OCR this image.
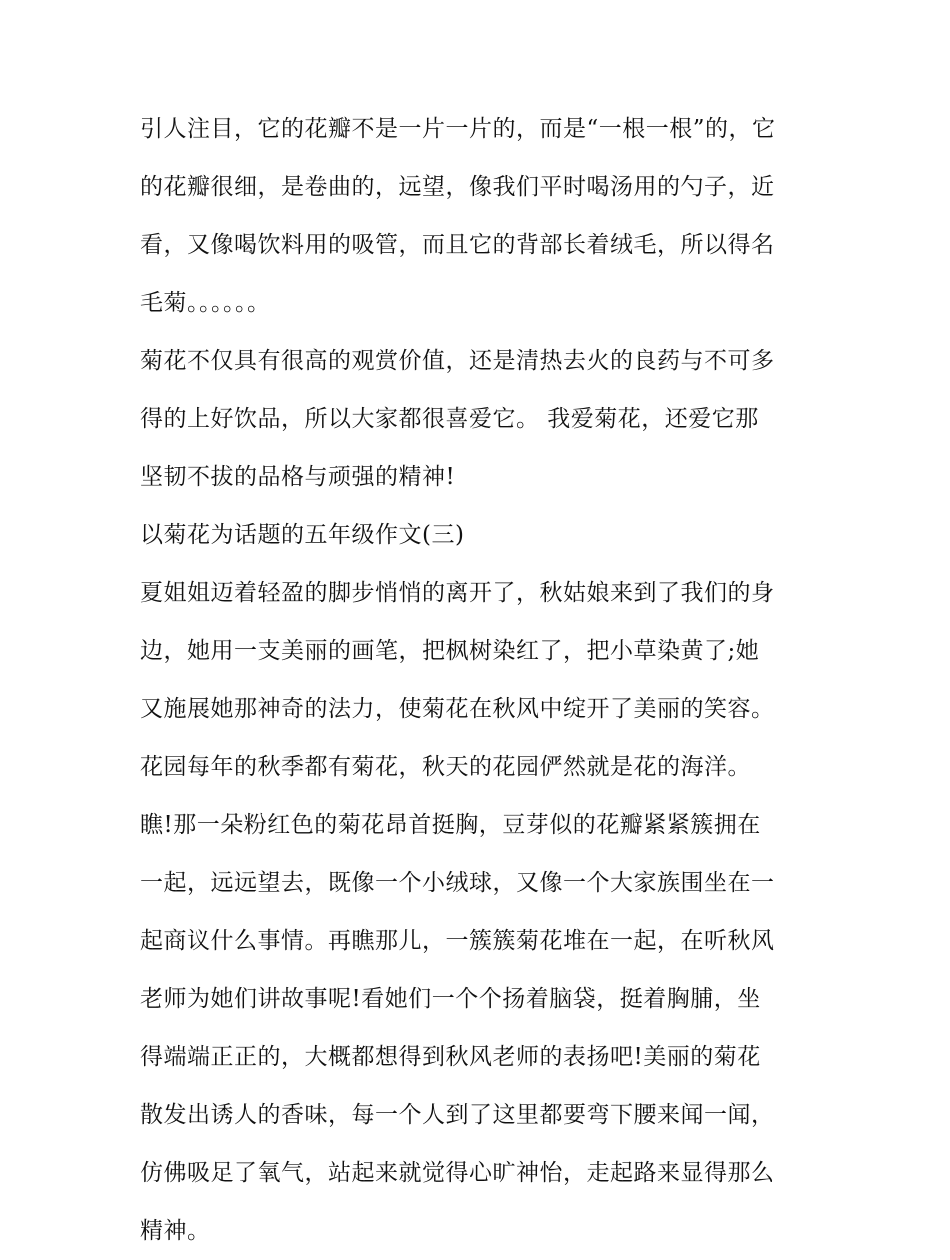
引人注目，它的花瓣不是一片一片的，而是“一根一根”的，它
的花瓣很细，是卷曲的，远望，像我们平时喝汤用的勺子，近
看，又像喝饮料用的吸管，而且它的背部长着绒毛，所以得名
毛菊。。。。。。
菊花不仅具有很高的观赏价值，还是清热去火的良药与不可多
得的上好饮品，所以大家都很喜爱它。 我爱菊花，还爱它那
坚韧不拔的品格与顽强的精神!
以菊花为话题的五年级作文(三)
夏姐姐迈着轻盈的脚步悄悄的离开了，秋姑娘来到了我们的身
边，她用一支美丽的画笔，把枫树染红了，把小草染黄了;她
又施展她那神奇的法力，使菊花在秋风中绽开了美丽的笑容。
花园每年的秋季都有菊花，秋天的花园俨然就是花的海洋。
瞧!那一朵粉红色的菊花昂首挺胸，豆芽似的花瓣紧紧簇拥在
一起，远远望去，既像一个小绒球，又像一个大家族围坐在一
起商议什么事情。再瞧那儿，一簇簇菊花堆在一起，在听秋风
老师为她们讲故事呢!看她们一个个扬着脑袋，挺着胸脯，坐
得端端正正的，大概都想得到秋风老师的表扬吧!美丽的菊花
散发出诱人的香味，每一个人到了这里都要弯下腰来闻一闻，
仿佛吸足了氧气，站起来就觉得心旷神怡，走起路来显得那么
精神。
